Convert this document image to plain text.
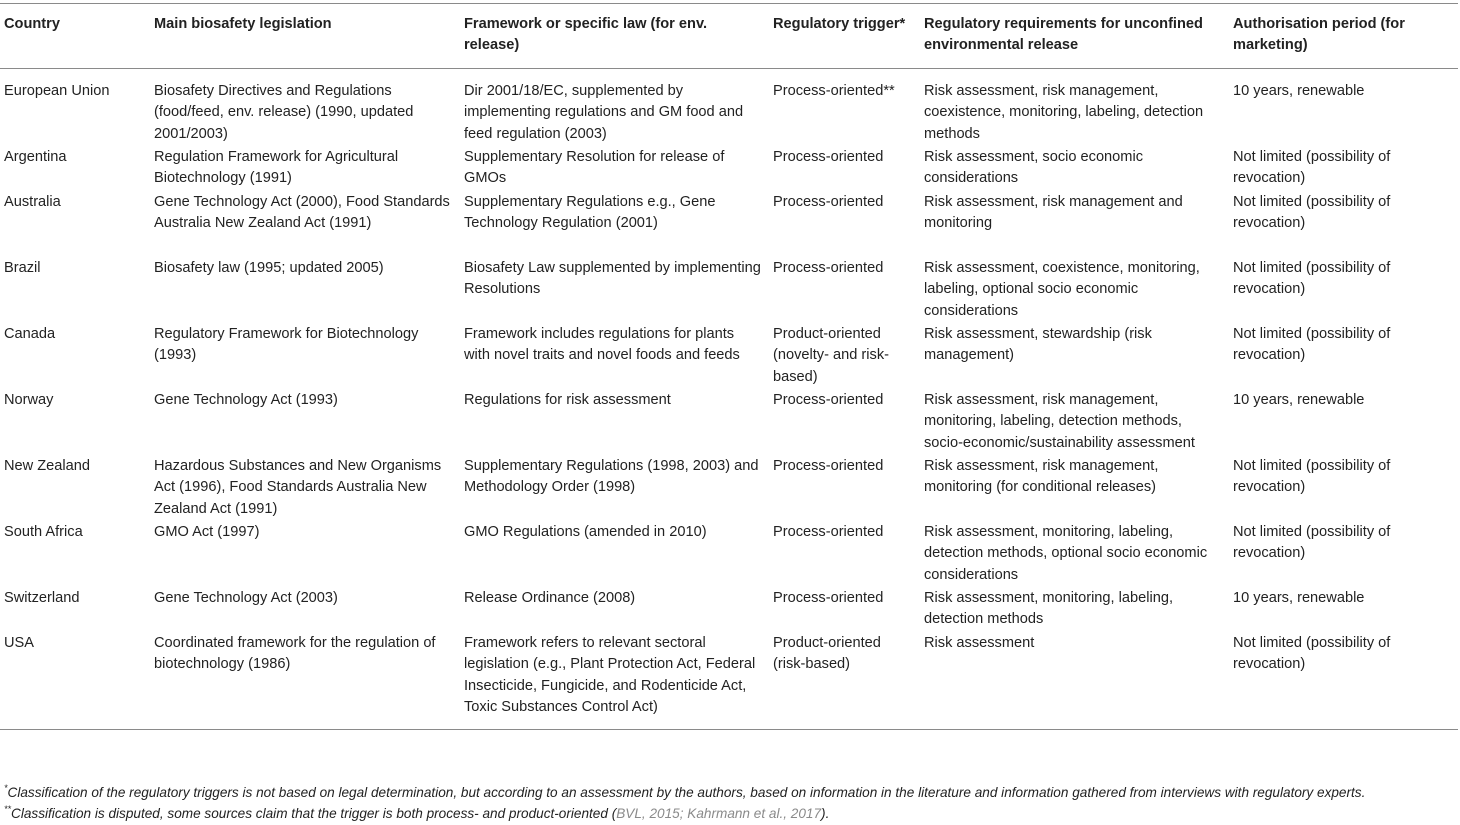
Country	Main biosafety legislation	Framework or specific law (for env. release)	Regulatory trigger*	Regulatory requirements for unconfined environmental release	Authorisation period (for marketing)
European Union	Biosafety Directives and Regulations (food/feed, env. release) (1990, updated 2001/2003)	Dir 2001/18/EC, supplemented by implementing regulations and GM food and feed regulation (2003)	Process-oriented**	Risk assessment, risk management, coexistence, monitoring, labeling, detection methods	10 years, renewable
Argentina	Regulation Framework for Agricultural Biotechnology (1991)	Supplementary Resolution for release of GMOs	Process-oriented	Risk assessment, socio economic considerations	Not limited (possibility of revocation)
Australia	Gene Technology Act (2000), Food Standards Australia New Zealand Act (1991)	Supplementary Regulations e.g., Gene Technology Regulation (2001)	Process-oriented	Risk assessment, risk management and monitoring	Not limited (possibility of revocation)
Brazil	Biosafety law (1995; updated 2005)	Biosafety Law supplemented by implementing Resolutions	Process-oriented	Risk assessment, coexistence, monitoring, labeling, optional socio economic considerations	Not limited (possibility of revocation)
Canada	Regulatory Framework for Biotechnology (1993)	Framework includes regulations for plants with novel traits and novel foods and feeds	Product-oriented (novelty- and risk-based)	Risk assessment, stewardship (risk management)	Not limited (possibility of revocation)
Norway	Gene Technology Act (1993)	Regulations for risk assessment	Process-oriented	Risk assessment, risk management, monitoring, labeling, detection methods, socio-economic/sustainability assessment	10 years, renewable
New Zealand	Hazardous Substances and New Organisms Act (1996), Food Standards Australia New Zealand Act (1991)	Supplementary Regulations (1998, 2003) and Methodology Order (1998)	Process-oriented	Risk assessment, risk management, monitoring (for conditional releases)	Not limited (possibility of revocation)
South Africa	GMO Act (1997)	GMO Regulations (amended in 2010)	Process-oriented	Risk assessment, monitoring, labeling, detection methods, optional socio economic considerations	Not limited (possibility of revocation)
Switzerland	Gene Technology Act (2003)	Release Ordinance (2008)	Process-oriented	Risk assessment, monitoring, labeling, detection methods	10 years, renewable
USA	Coordinated framework for the regulation of biotechnology (1986)	Framework refers to relevant sectoral legislation (e.g., Plant Protection Act, Federal Insecticide, Fungicide, and Rodenticide Act, Toxic Substances Control Act)	Product-oriented (risk-based)	Risk assessment	Not limited (possibility of revocation)

*Classification of the regulatory triggers is not based on legal determination, but according to an assessment by the authors, based on information in the literature and information gathered from interviews with regulatory experts.

**Classification is disputed, some sources claim that the trigger is both process- and product-oriented (BVL, 2015; Kahrmann et al., 2017).
